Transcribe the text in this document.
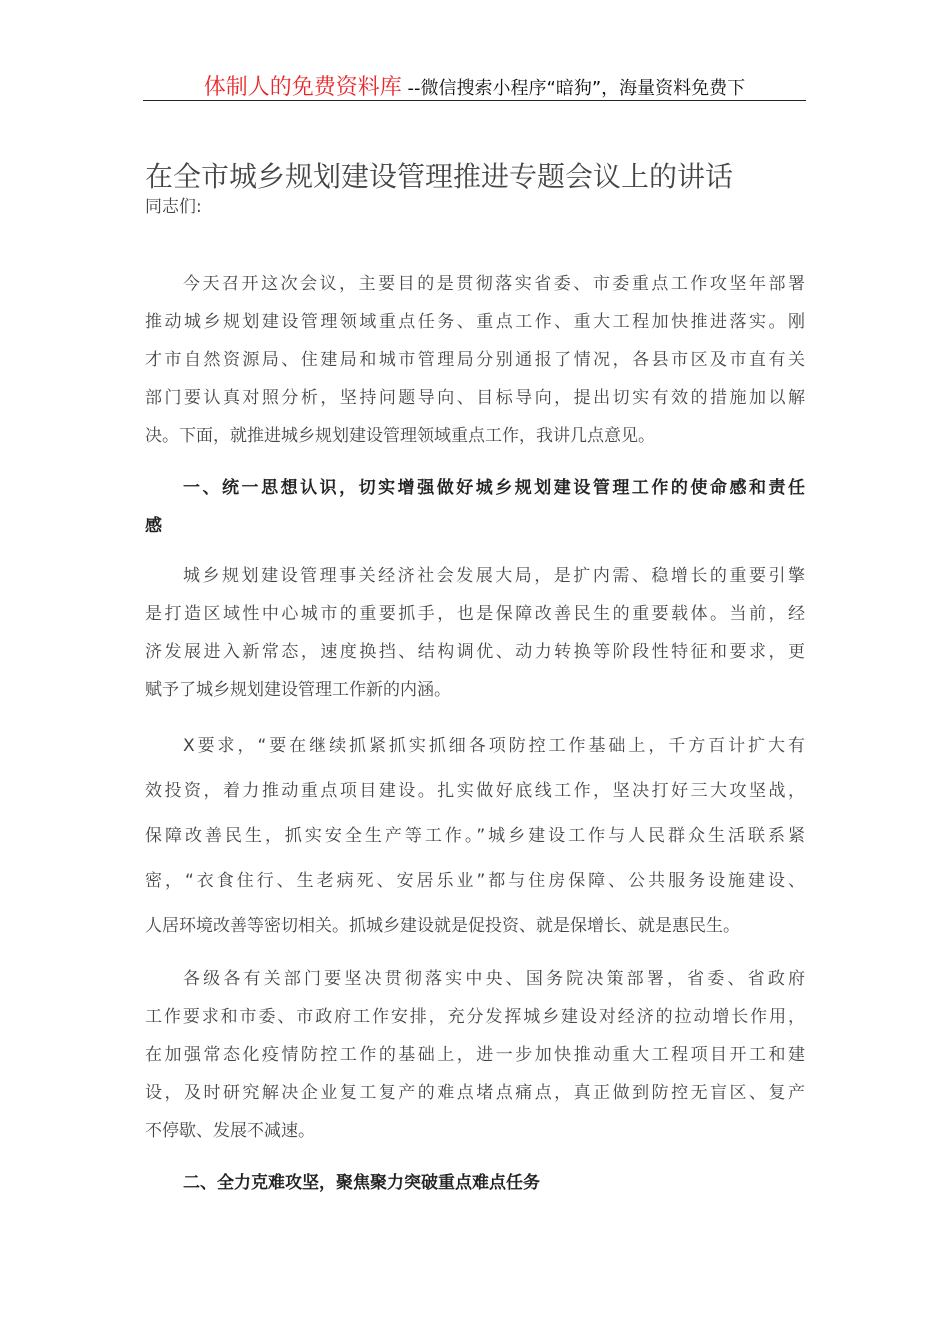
体制人的免费资料库 --微信搜索小程序“暗狗”，海量资料免费下
在全市城乡规划建设管理推进专题会议上的讲话
同志们:
今天召开这次会议，主要目的是贯彻落实省委、市委重点工作攻坚年部署
推动城乡规划建设管理领域重点任务、重点工作、重大工程加快推进落实。刚
才市自然资源局、住建局和城市管理局分别通报了情况，各县市区及市直有关
部门要认真对照分析，坚持问题导向、目标导向，提出切实有效的措施加以解
决。下面，就推进城乡规划建设管理领域重点工作，我讲几点意见。
一、统一思想认识，切实增强做好城乡规划建设管理工作的使命感和责任
感
城乡规划建设管理事关经济社会发展大局，是扩内需、稳增长的重要引擎
是打造区域性中心城市的重要抓手，也是保障改善民生的重要载体。当前，经
济发展进入新常态，速度换挡、结构调优、动力转换等阶段性特征和要求，更
赋予了城乡规划建设管理工作新的内涵。
X要求，“要在继续抓紧抓实抓细各项防控工作基础上，千方百计扩大有
效投资，着力推动重点项目建设。扎实做好底线工作，坚决打好三大攻坚战，
保障改善民生，抓实安全生产等工作。”城乡建设工作与人民群众生活联系紧
密，“衣食住行、生老病死、安居乐业”都与住房保障、公共服务设施建设、
人居环境改善等密切相关。抓城乡建设就是促投资、就是保增长、就是惠民生。
各级各有关部门要坚决贯彻落实中央、国务院决策部署，省委、省政府
工作要求和市委、市政府工作安排，充分发挥城乡建设对经济的拉动增长作用，
在加强常态化疫情防控工作的基础上，进一步加快推动重大工程项目开工和建
设，及时研究解决企业复工复产的难点堵点痛点，真正做到防控无盲区、复产
不停歇、发展不减速。
二、全力克难攻坚，聚焦聚力突破重点难点任务
